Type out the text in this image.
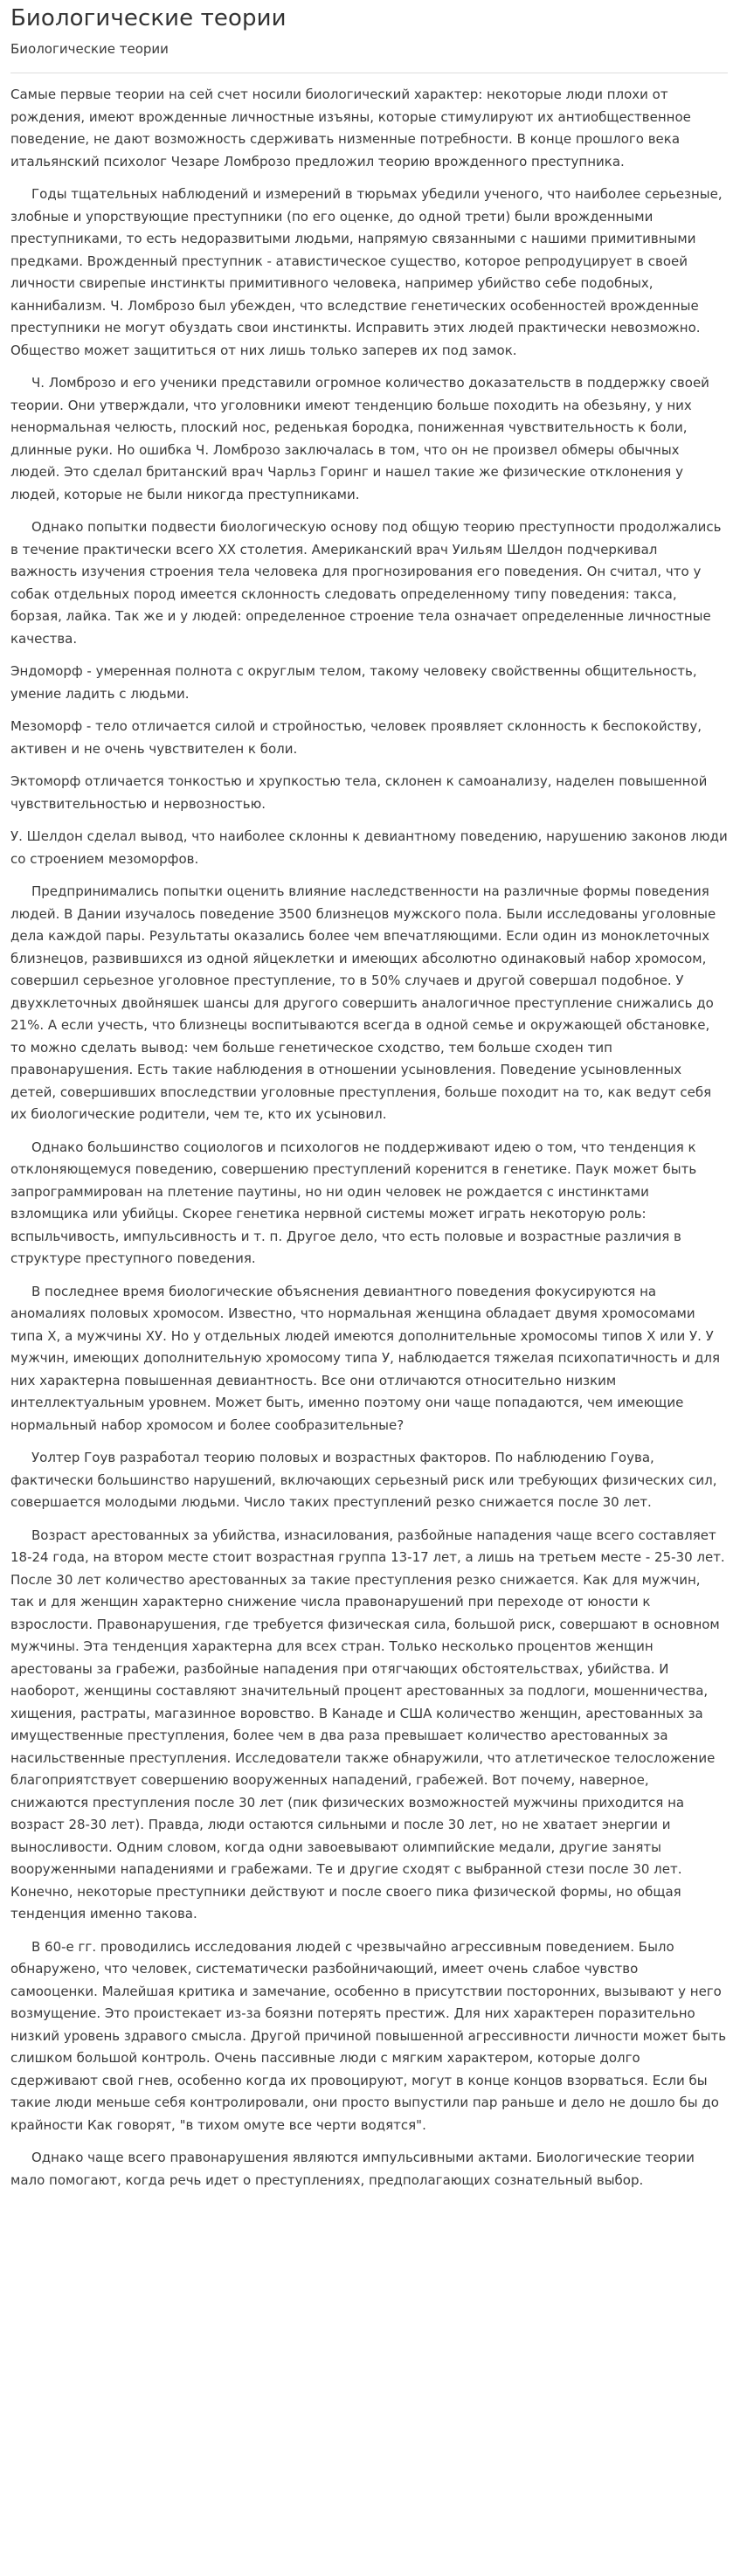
Биологические теории
Биологические теории

Самые первые теории на сей счет носили биологический характер: некоторые люди плохи от рождения, имеют врожденные личностные изъяны, которые стимулируют их антиобщественное поведение, не дают возможность сдерживать низменные потребности. В конце прошлого века итальянский психолог Чезаре Ломброзо предложил теорию врожденного преступника.

Годы тщательных наблюдений и измерений в тюрьмах убедили ученого, что наиболее серьезные, злобные и упорствующие преступники (по его оценке, до одной трети) были врожденными преступниками, то есть недоразвитыми людьми, напрямую связанными с нашими примитивными предками. Врожденный преступник - атавистическое существо, которое репродуцирует в своей личности свирепые инстинкты примитивного человека, например убийство себе подобных, каннибализм. Ч. Ломброзо был убежден, что вследствие генетических особенностей врожденные преступники не могут обуздать свои инстинкты. Исправить этих людей практически невозможно. Общество может защититься от них лишь только заперев их под замок.

Ч. Ломброзо и его ученики представили огромное количество доказательств в поддержку своей теории. Они утверждали, что уголовники имеют тенденцию больше походить на обезьяну, у них ненормальная челюсть, плоский нос, реденькая бородка, пониженная чувствительность к боли, длинные руки. Но ошибка Ч. Ломброзо заключалась в том, что он не произвел обмеры обычных людей. Это сделал британский врач Чарльз Горинг и нашел такие же физические отклонения у людей, которые не были никогда преступниками.

Однако попытки подвести биологическую основу под общую теорию преступности продолжались в течение практически всего XX столетия. Американский врач Уильям Шелдон подчеркивал важность изучения строения тела человека для прогнозирования его поведения. Он считал, что у собак отдельных пород имеется склонность следовать определенному типу поведения: такса, борзая, лайка. Так же и у людей: определенное строение тела означает определенные личностные качества.

Эндоморф - умеренная полнота с округлым телом, такому человеку свойственны общительность, умение ладить с людьми.

Мезоморф - тело отличается силой и стройностью, человек проявляет склонность к беспокойству, активен и не очень чувствителен к боли.

Эктоморф отличается тонкостью и хрупкостью тела, склонен к самоанализу, наделен повышенной чувствительностью и нервозностью.

У. Шелдон сделал вывод, что наиболее склонны к девиантному поведению, нарушению законов люди со строением мезоморфов.

Предпринимались попытки оценить влияние наследственности на различные формы поведения людей. В Дании изучалось поведение 3500 близнецов мужского пола. Были исследованы уголовные дела каждой пары. Результаты оказались более чем впечатляющими. Если один из моноклеточных близнецов, развившихся из одной яйцеклетки и имеющих абсолютно одинаковый набор хромосом, совершил серьезное уголовное преступление, то в 50% случаев и другой совершал подобное. У двухклеточных двойняшек шансы для другого совершить аналогичное преступление снижались до 21%. А если учесть, что близнецы воспитываются всегда в одной семье и окружающей обстановке, то можно сделать вывод: чем больше генетическое сходство, тем больше сходен тип правонарушения. Есть такие наблюдения в отношении усыновления. Поведение усыновленных детей, совершивших впоследствии уголовные преступления, больше походит на то, как ведут себя их биологические родители, чем те, кто их усыновил.

Однако большинство социологов и психологов не поддерживают идею о том, что тенденция к отклоняющемуся поведению, совершению преступлений коренится в генетике. Паук может быть запрограммирован на плетение паутины, но ни один человек не рождается с инстинктами взломщика или убийцы. Скорее генетика нервной системы может играть некоторую роль: вспыльчивость, импульсивность и т. п. Другое дело, что есть половые и возрастные различия в структуре преступного поведения.

В последнее время биологические объяснения девиантного поведения фокусируются на аномалиях половых хромосом. Известно, что нормальная женщина обладает двумя хромосомами типа X, а мужчины ХУ. Но у отдельных людей имеются дополнительные хромосомы типов X или У. У мужчин, имеющих дополнительную хромосому типа У, наблюдается тяжелая психопатичность и для них характерна повышенная девиантность. Все они отличаются относительно низким интеллектуальным уровнем. Может быть, именно поэтому они чаще попадаются, чем имеющие нормальный набор хромосом и более сообразительные?

Уолтер Гоув разработал теорию половых и возрастных факторов. По наблюдению Гоува, фактически большинство нарушений, включающих серьезный риск или требующих физических сил, совершается молодыми людьми. Число таких преступлений резко снижается после 30 лет.

Возраст арестованных за убийства, изнасилования, разбойные нападения чаще всего составляет 18-24 года, на втором месте стоит возрастная группа 13-17 лет, а лишь на третьем месте - 25-30 лет. После 30 лет количество арестованных за такие преступления резко снижается. Как для мужчин, так и для женщин характерно снижение числа правонарушений при переходе от юности к взрослости. Правонарушения, где требуется физическая сила, большой риск, совершают в основном мужчины. Эта тенденция характерна для всех стран. Только несколько процентов женщин арестованы за грабежи, разбойные нападения при отягчающих обстоятельствах, убийства. И наоборот, женщины составляют значительный процент арестованных за подлоги, мошенничества, хищения, растраты, магазинное воровство. В Канаде и США количество женщин, арестованных за имущественные преступления, более чем в два раза превышает количество арестованных за насильственные преступления. Исследователи также обнаружили, что атлетическое телосложение благоприятствует совершению вооруженных нападений, грабежей. Вот почему, наверное, снижаются преступления после 30 лет (пик физических возможностей мужчины приходится на возраст 28-30 лет). Правда, люди остаются сильными и после 30 лет, но не хватает энергии и выносливости. Одним словом, когда одни завоевывают олимпийские медали, другие заняты вооруженными нападениями и грабежами. Те и другие сходят с выбранной стези после 30 лет. Конечно, некоторые преступники действуют и после своего пика физической формы, но общая тенденция именно такова.

В 60-е гг. проводились исследования людей с чрезвычайно агрессивным поведением. Было обнаружено, что человек, систематически разбойничающий, имеет очень слабое чувство самооценки. Малейшая критика и замечание, особенно в присутствии посторонних, вызывают у него возмущение. Это проистекает из-за боязни потерять престиж. Для них характерен поразительно низкий уровень здравого смысла. Другой причиной повышенной агрессивности личности может быть слишком большой контроль. Очень пассивные люди с мягким характером, которые долго сдерживают свой гнев, особенно когда их провоцируют, могут в конце концов взорваться. Если бы такие люди меньше себя контролировали, они просто выпустили пар раньше и дело не дошло бы до крайности Как говорят, "в тихом омуте все черти водятся".

Однако чаще всего правонарушения являются импульсивными актами. Биологические теории мало помогают, когда речь идет о преступлениях, предполагающих сознательный выбор.
